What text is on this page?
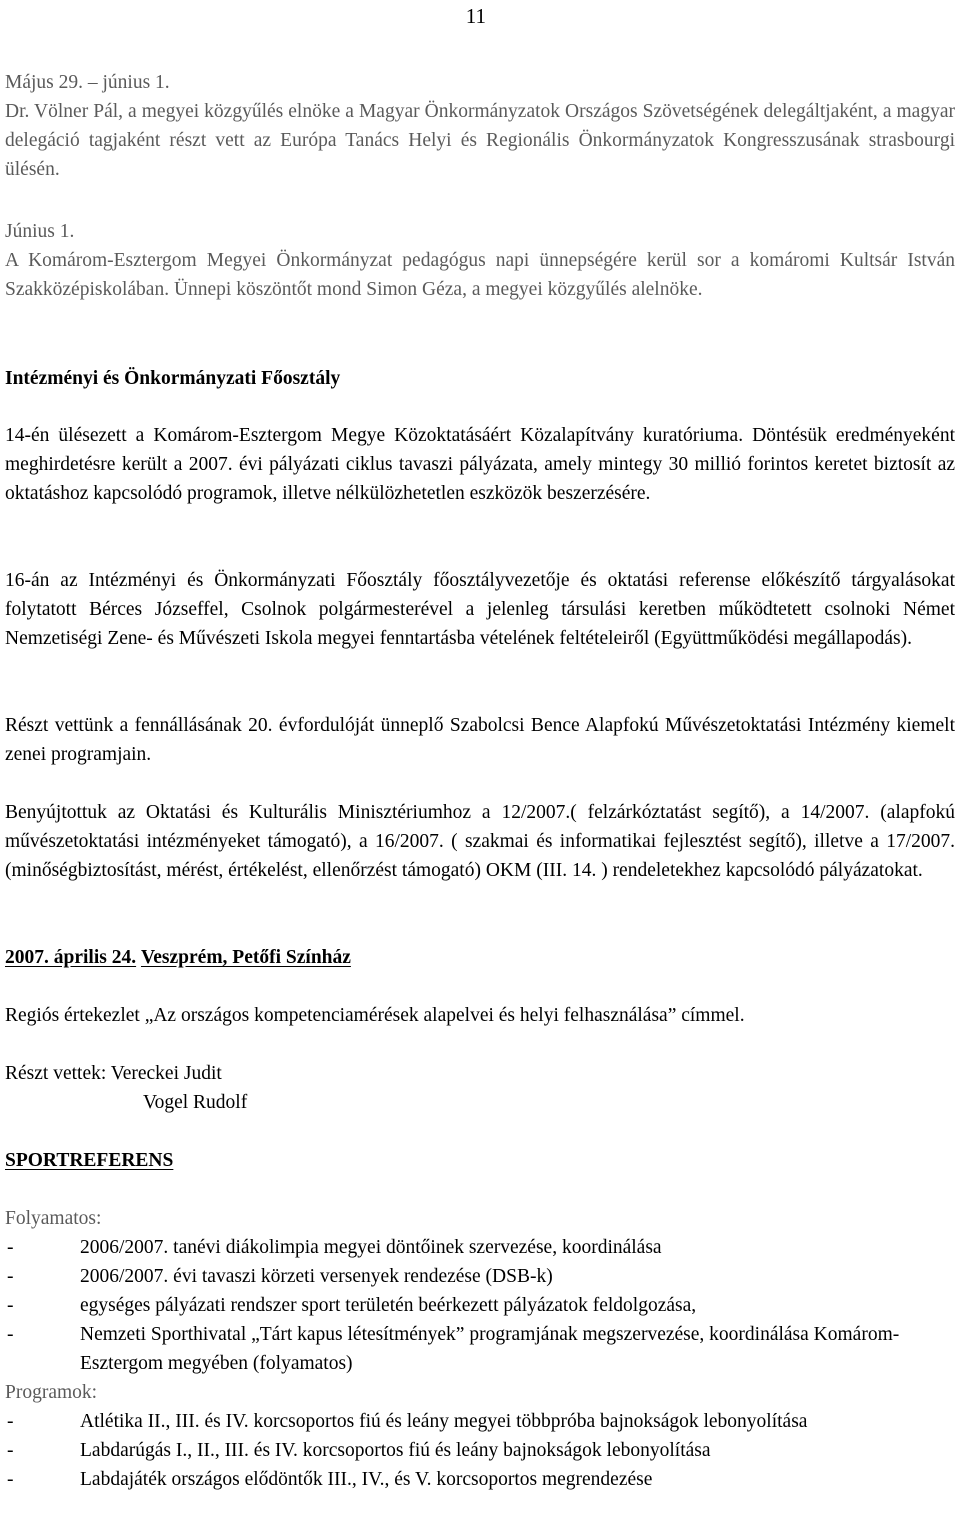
11

Május 29. – június 1.

Dr. Völner Pál, a megyei közgyűlés elnöke a Magyar Önkormányzatok Országos Szövetségének delegáltjaként, a magyar delegáció tagjaként részt vett az Európa Tanács Helyi és Regionális Önkormányzatok Kongresszusának strasbourgi ülésén.

Június 1.

A Komárom-Esztergom Megyei Önkormányzat pedagógus napi ünnepségére kerül sor a komáromi Kultsár István Szakközépiskolában. Ünnepi köszöntőt mond Simon Géza, a megyei közgyűlés alelnöke.

Intézményi és Önkormányzati Főosztály

14-én ülésezett a Komárom-Esztergom Megye Közoktatásáért Közalapítvány kuratóriuma. Döntésük eredményeként meghirdetésre került a 2007. évi pályázati ciklus tavaszi pályázata, amely mintegy 30 millió forintos keretet biztosít az oktatáshoz kapcsolódó programok, illetve nélkülözhetetlen eszközök beszerzésére.
16-án az Intézményi és Önkormányzati Főosztály főosztályvezetője és oktatási referense előkészítő tárgyalásokat folytatott Bérces Józseffel, Csolnok polgármesterével a jelenleg társulási keretben működtetett csolnoki Német Nemzetiségi Zene- és Művészeti Iskola megyei fenntartásba vételének feltételeiről (Együttműködési megállapodás).
Részt vettünk a fennállásának 20. évfordulóját ünneplő Szabolcsi Bence Alapfokú Művészetoktatási Intézmény kiemelt zenei programjain.
Benyújtottuk az Oktatási és Kulturális Minisztériumhoz a 12/2007.( felzárkóztatást segítő), a 14/2007. (alapfokú művészetoktatási intézményeket támogató), a 16/2007. ( szakmai és informatikai fejlesztést segítő), illetve a 17/2007. (minőségbiztosítást, mérést, értékelést, ellenőrzést támogató) OKM (III. 14. ) rendeletekhez kapcsolódó pályázatokat.
2007. április 24. Veszprém, Petőfi Színház
Regiós értekezlet „Az országos kompetenciamérések alapelvei és helyi felhasználása” címmel.

Részt vettek: Vereckei Judit

Vogel Rudolf

SPORTREFERENS

Folyamatos:

- 2006/2007. tanévi diákolimpia megyei döntőinek szervezése, koordinálása
- 2006/2007. évi tavaszi körzeti versenyek rendezése (DSB-k)
- egységes pályázati rendszer sport területén beérkezett pályázatok feldolgozása,
- Nemzeti Sporthivatal „Tárt kapus létesítmények” programjának megszervezése, koordinálása Komárom-Esztergom megyében (folyamatos)

Programok:

- Atlétika II., III. és IV. korcsoportos fiú és leány megyei többpróba bajnokságok lebonyolítása
- Labdarúgás I., II., III. és IV. korcsoportos fiú és leány bajnokságok lebonyolítása
- Labdajáték országos elődöntők III., IV., és V. korcsoportos megrendezése
